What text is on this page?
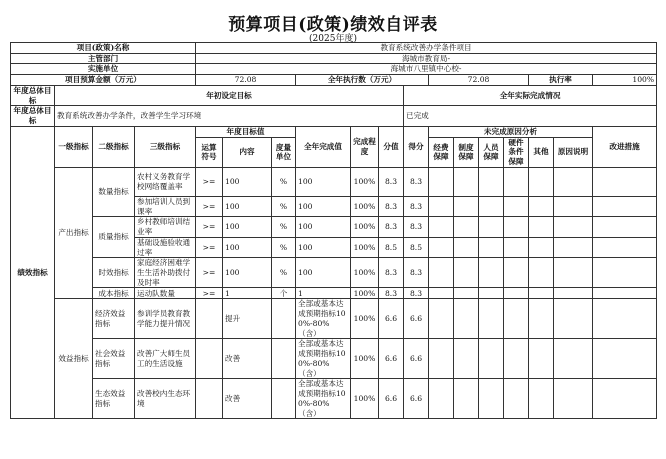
预算项目(政策)绩效自评表
(2025年度)
项目(政策)名称				教育系统改善办学条件项目													
主管部门				海城市教育局-													
实施单位				海城市八里镇中心校-													
项目预算金额（万元）				72.08			全年执行数（万元）				72.08				执行率		100%
年度总体目标	年初设定目标									全年实际完成情况							
年度总体目标	教育系统改善办学条件，改善学生学习环境									已完成							
绩效指标	一级指标	二级指标	三级指标	年度目标值			全年完成值	完成程度	分值	得分	未完成原因分析						改进措施
				运算符号	内容	度量单位					经费保障	制度保障	人员保障	硬件条件保障	其他	原因说明	
	产出指标	数量指标	农村义务教育学校网络覆盖率	>=	100	%	100	100%	8.3	8.3							
			参加培训人员到课率	>=	100	%	100	100%	8.3	8.3							
		质量指标	乡村教师培训结业率	>=	100	%	100	100%	8.3	8.3							
			基础设施验收通过率	>=	100	%	100	100%	8.5	8.5							
		时效指标	家庭经济困难学生生活补助拨付及时率	>=	100	%	100	100%	8.3	8.3							
		成本指标	运动队数量	>=	1	个	1	100%	8.3	8.3							
	效益指标	经济效益指标	参训学员教育教学能力提升情况		提升		全部或基本达成预期指标100%-80%（含）	100%	6.6	6.6							
		社会效益指标	改善广大师生员工的生活设施		改善		全部或基本达成预期指标100%-80%（含）	100%	6.6	6.6							
		生态效益指标	改善校内生态环境		改善		全部或基本达成预期指标100%-80%（含）	100%	6.6	6.6							
